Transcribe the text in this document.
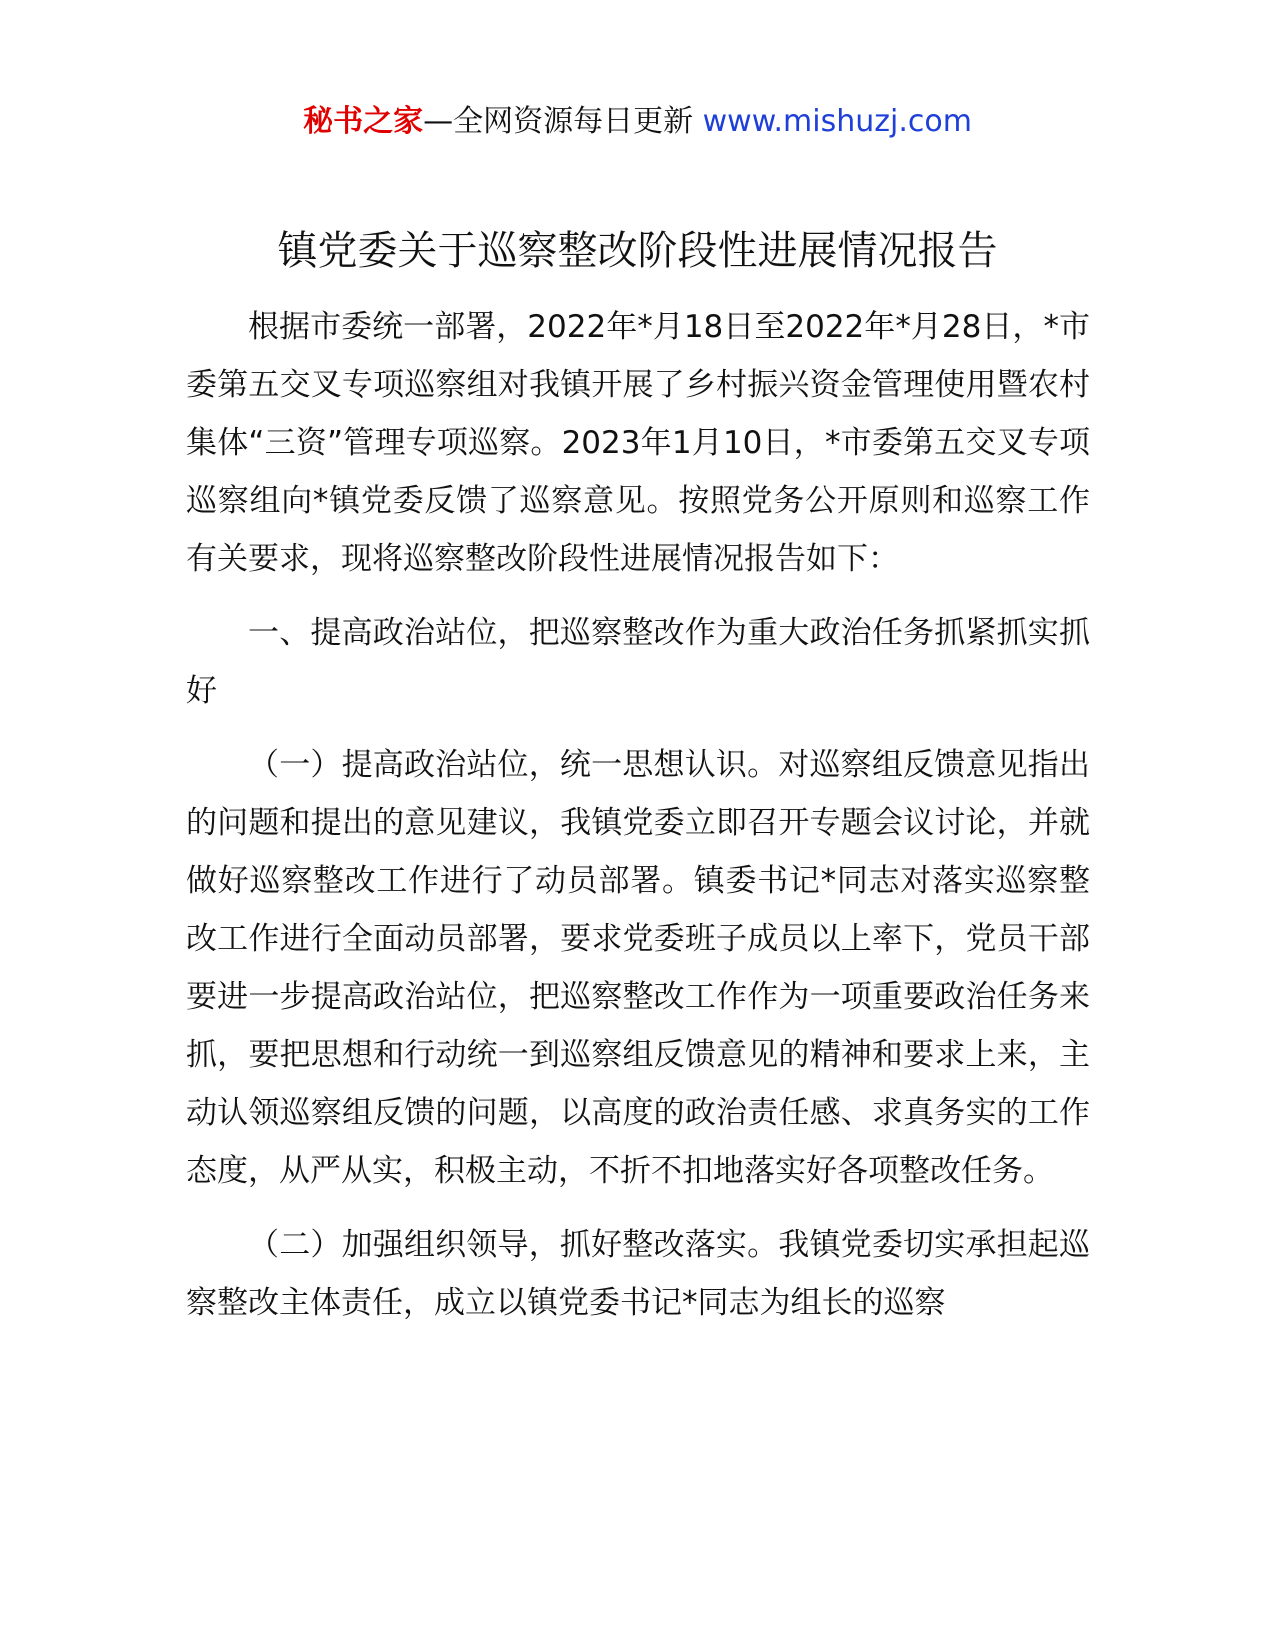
秘书之家—全网资源每日更新 www.mishuzj.com
镇党委关于巡察整改阶段性进展情况报告

根据市委统一部署，2022年*月18日至2022年*月28日，*市委第五交叉专项巡察组对我镇开展了乡村振兴资金管理使用暨农村集体“三资”管理专项巡察。2023年1月10日，*市委第五交叉专项巡察组向*镇党委反馈了巡察意见。按照党务公开原则和巡察工作有关要求，现将巡察整改阶段性进展情况报告如下：

一、提高政治站位，把巡察整改作为重大政治任务抓紧抓实抓好

（一）提高政治站位，统一思想认识。对巡察组反馈意见指出的问题和提出的意见建议，我镇党委立即召开专题会议讨论，并就做好巡察整改工作进行了动员部署。镇委书记*同志对落实巡察整改工作进行全面动员部署，要求党委班子成员以上率下，党员干部要进一步提高政治站位，把巡察整改工作作为一项重要政治任务来抓，要把思想和行动统一到巡察组反馈意见的精神和要求上来，主动认领巡察组反馈的问题，以高度的政治责任感、求真务实的工作态度，从严从实，积极主动，不折不扣地落实好各项整改任务。

（二）加强组织领导，抓好整改落实。我镇党委切实承担起巡察整改主体责任，成立以镇党委书记*同志为组长的巡察
